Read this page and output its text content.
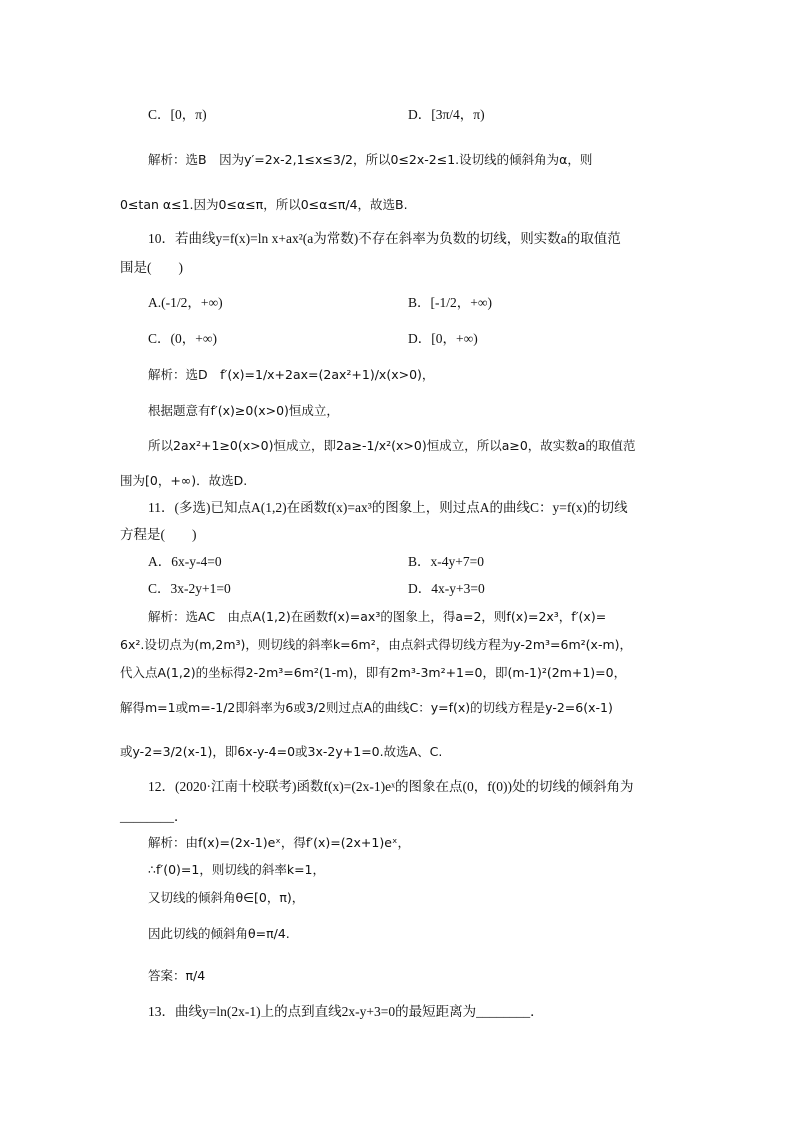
C．[0，π)	D．[3π/4，π)
解析：选B　因为y′=2x-2,1≤x≤3/2，所以0≤2x-2≤1.设切线的倾斜角为α，则
0≤tan α≤1.因为0≤α≤π，所以0≤α≤π/4，故选B.
10．若曲线y=f(x)=ln x+ax²(a为常数)不存在斜率为负数的切线，则实数a的取值范
围是(　　)
A.(-1/2，+∞)	B．[-1/2，+∞)
C．(0，+∞)	D．[0，+∞)
解析：选D　f′(x)=1/x+2ax=(2ax²+1)/x(x>0)，
根据题意有f′(x)≥0(x>0)恒成立，
所以2ax²+1≥0(x>0)恒成立，即2a≥-1/x²(x>0)恒成立，所以a≥0，故实数a的取值范
围为[0，+∞)．故选D.
11．(多选)已知点A(1,2)在函数f(x)=ax³的图象上，则过点A的曲线C：y=f(x)的切线
方程是(　　)
A．6x-y-4=0	B．x-4y+7=0
C．3x-2y+1=0	D．4x-y+3=0
解析：选AC　由点A(1,2)在函数f(x)=ax³的图象上，得a=2，则f(x)=2x³，f′(x)=
6x².设切点为(m,2m³)，则切线的斜率k=6m²，由点斜式得切线方程为y-2m³=6m²(x-m)，
代入点A(1,2)的坐标得2-2m³=6m²(1-m)，即有2m³-3m²+1=0，即(m-1)²(2m+1)=0，
解得m=1或m=-1/2即斜率为6或3/2则过点A的曲线C：y=f(x)的切线方程是y-2=6(x-1)
或y-2=3/2(x-1)，即6x-y-4=0或3x-2y+1=0.故选A、C.
12．(2020·江南十校联考)函数f(x)=(2x-1)eˣ的图象在点(0，f(0))处的切线的倾斜角为
________．
解析：由f(x)=(2x-1)eˣ，得f′(x)=(2x+1)eˣ，
∴f′(0)=1，则切线的斜率k=1，
又切线的倾斜角θ∈[0，π)，
因此切线的倾斜角θ=π/4.
答案：π/4
13．曲线y=ln(2x-1)上的点到直线2x-y+3=0的最短距离为________．
